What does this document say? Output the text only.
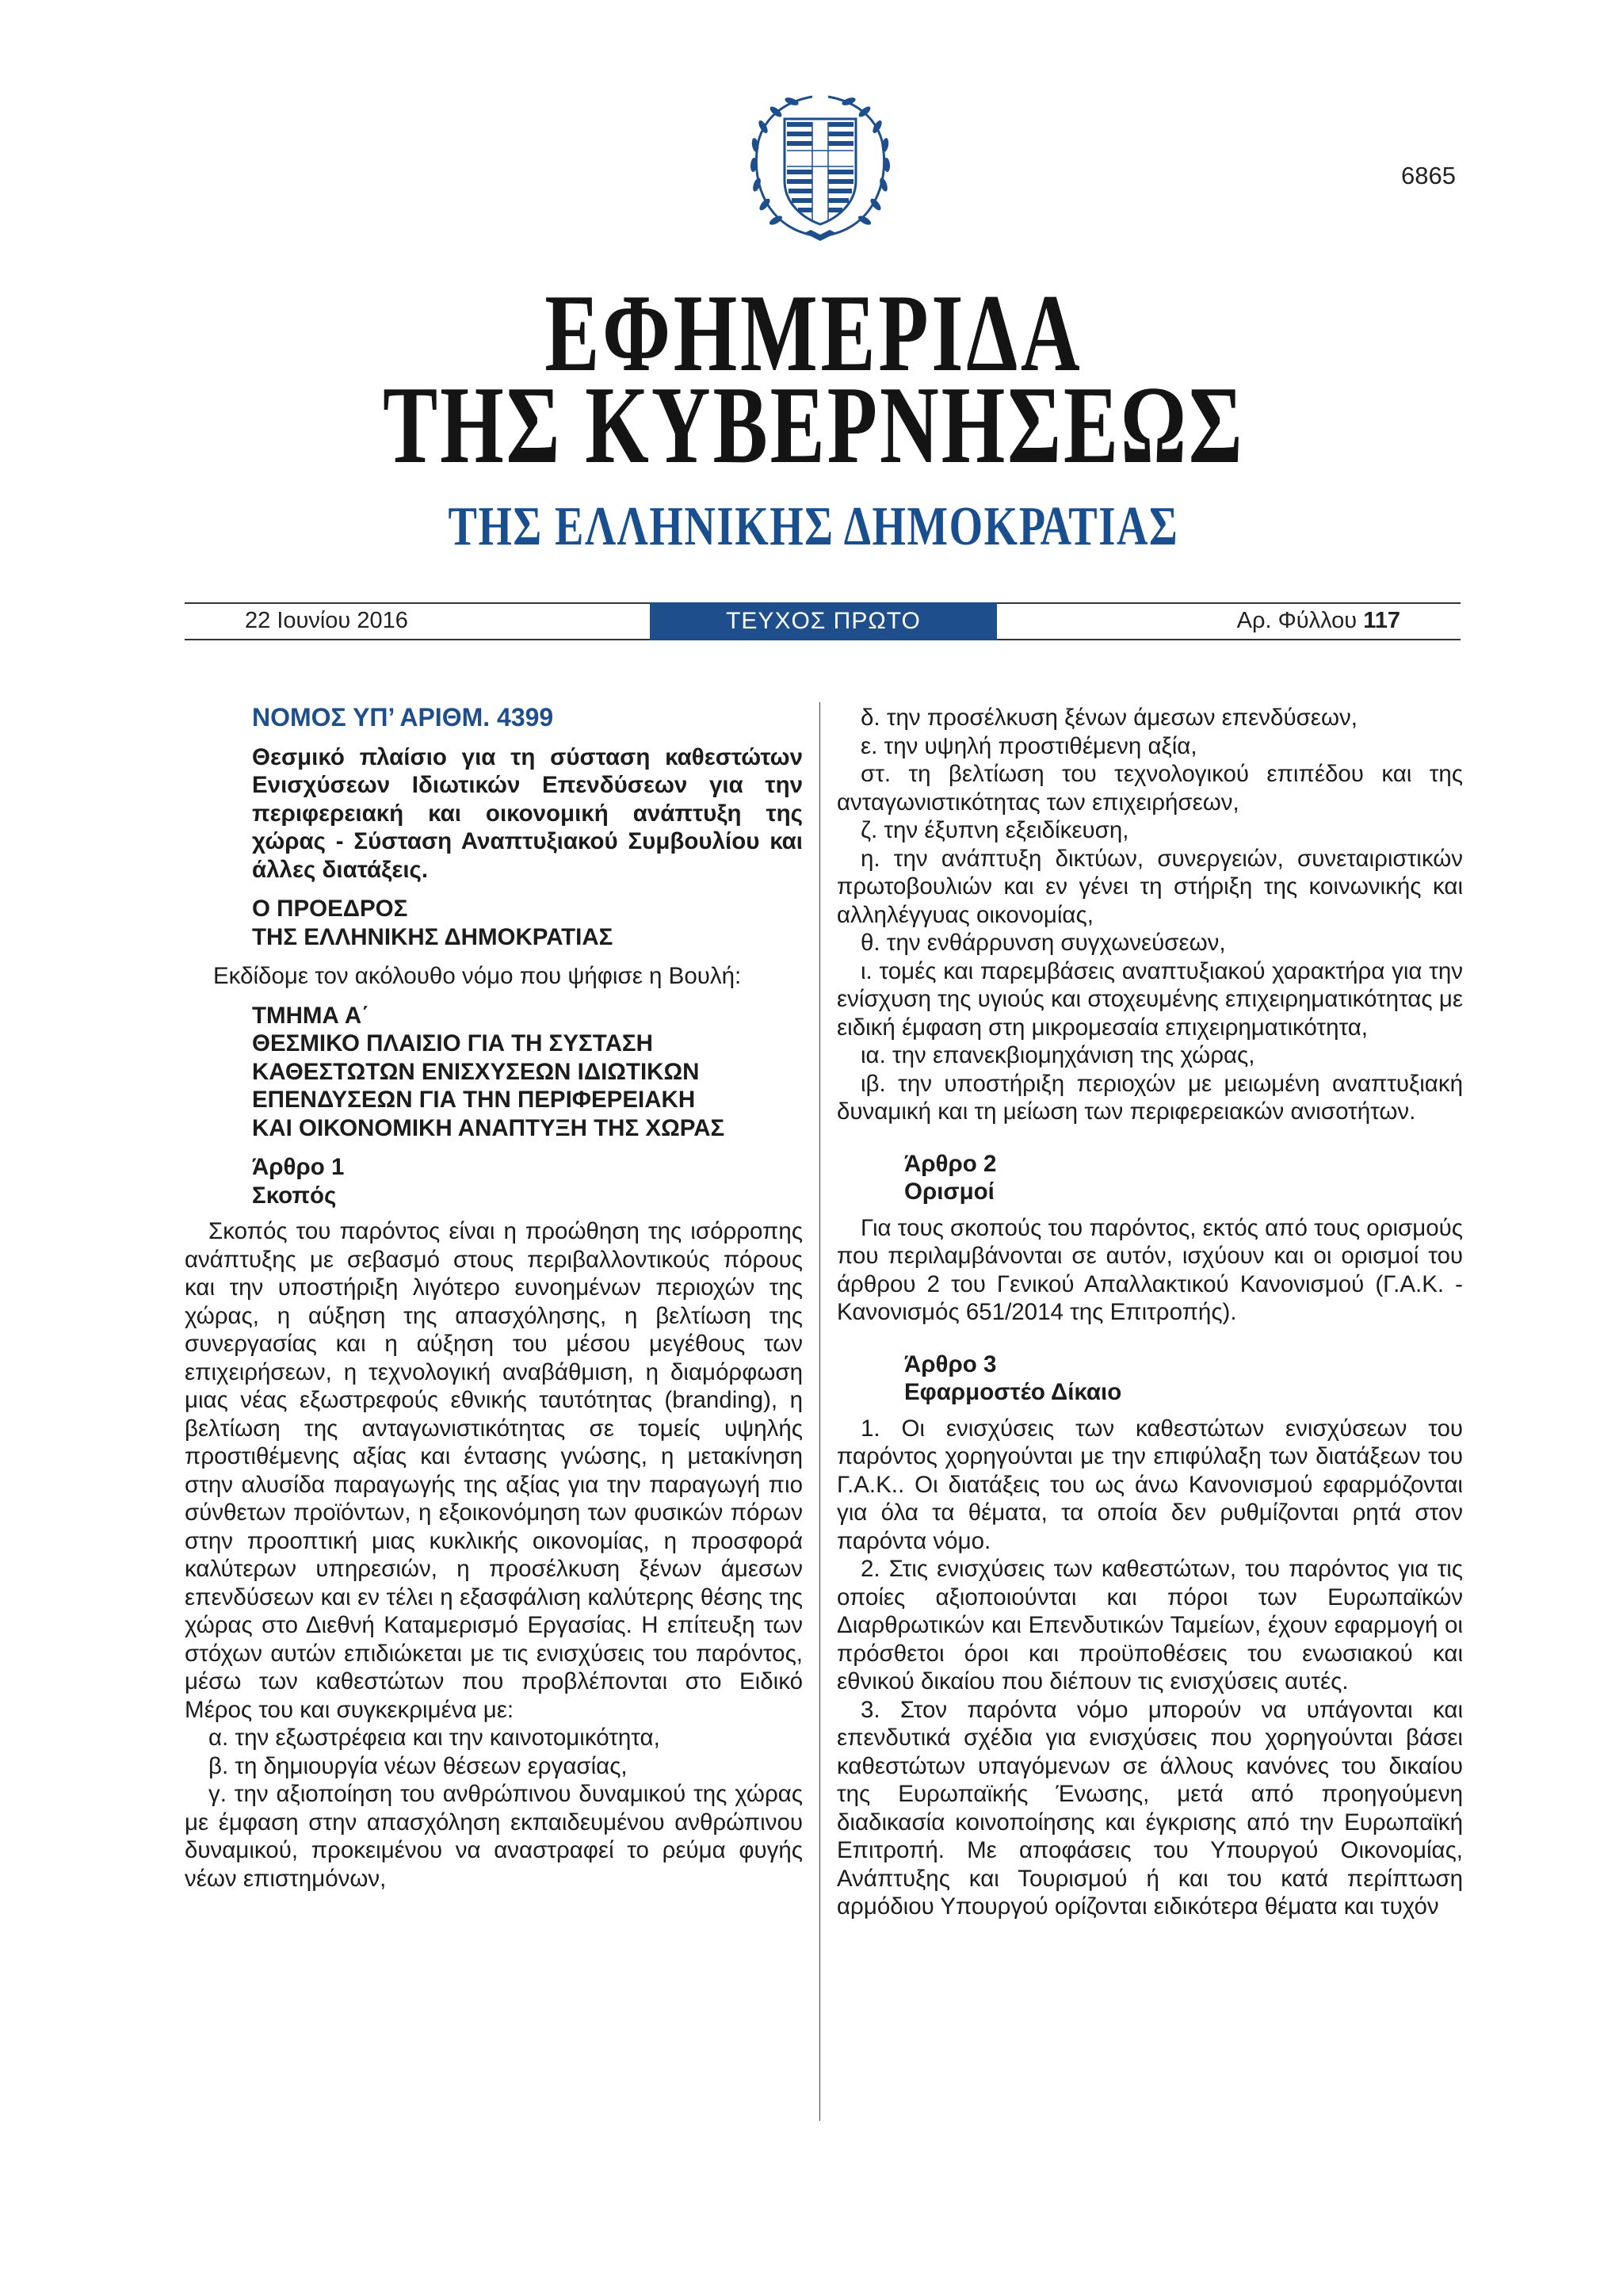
6865
ΕΦΗΜΕΡΙΔΑ
ΤΗΣ ΚΥΒΕΡΝΗΣΕΩΣ
ΤΗΣ ΕΛΛΗΝΙΚΗΣ ΔΗΜΟΚΡΑΤΙΑΣ
22 Ιουνίου 2016	ΤΕΥΧΟΣ ΠΡΩΤΟ	Αρ. Φύλλου 117

ΝΟΜΟΣ ΥΠ’ ΑΡΙΘΜ. 4399

Θεσμικό πλαίσιο για τη σύσταση καθεστώτων Ενισχύσεων Ιδιωτικών Επενδύσεων για την περιφερειακή και οικονομική ανάπτυξη της χώρας - Σύσταση Αναπτυξιακού Συμβουλίου και άλλες διατάξεις.

Ο ΠΡΟΕΔΡΟΣ
ΤΗΣ ΕΛΛΗΝΙΚΗΣ ΔΗΜΟΚΡΑΤΙΑΣ

Εκδίδομε τον ακόλουθο νόμο που ψήφισε η Βουλή:

ΤΜΗΜΑ Α΄
ΘΕΣΜΙΚΟ ΠΛΑΙΣΙΟ ΓΙΑ ΤΗ ΣΥΣΤΑΣΗ
ΚΑΘΕΣΤΩΤΩΝ ΕΝΙΣΧΥΣΕΩΝ ΙΔΙΩΤΙΚΩΝ
ΕΠΕΝΔΥΣΕΩΝ ΓΙΑ ΤΗΝ ΠΕΡΙΦΕΡΕΙΑΚΗ
ΚΑΙ ΟΙΚΟΝΟΜΙΚΗ ΑΝΑΠΤΥΞΗ ΤΗΣ ΧΩΡΑΣ
Άρθρο 1
Σκοπός

Σκοπός του παρόντος είναι η προώθηση της ισόρροπης ανάπτυξης με σεβασμό στους περιβαλλοντικούς πόρους και την υποστήριξη λιγότερο ευνοημένων περιοχών της χώρας, η αύξηση της απασχόλησης, η βελτίωση της συνεργασίας και η αύξηση του μέσου μεγέθους των επιχειρήσεων, η τεχνολογική αναβάθμιση, η διαμόρφωση μιας νέας εξωστρεφούς εθνικής ταυτότητας (branding), η βελτίωση της ανταγωνιστικότητας σε τομείς υψηλής προστιθέμενης αξίας και έντασης γνώσης, η μετακίνηση στην αλυσίδα παραγωγής της αξίας για την παραγωγή πιο σύνθετων προϊόντων, η εξοικονόμηση των φυσικών πόρων στην προοπτική μιας κυκλικής οικονομίας, η προσφορά καλύτερων υπηρεσιών, η προσέλκυση ξένων άμεσων επενδύσεων και εν τέλει η εξασφάλιση καλύτερης θέσης της χώρας στο Διεθνή Καταμερισμό Εργασίας. Η επίτευξη των στόχων αυτών επιδιώκεται με τις ενισχύσεις του παρόντος, μέσω των καθεστώτων που προβλέπονται στο Ειδικό Μέρος του και συγκεκριμένα με:

α. την εξωστρέφεια και την καινοτομικότητα,

β. τη δημιουργία νέων θέσεων εργασίας,

γ. την αξιοποίηση του ανθρώπινου δυναμικού της χώρας με έμφαση στην απασχόληση εκπαιδευμένου ανθρώπινου δυναμικού, προκειμένου να αναστραφεί το ρεύμα φυγής νέων επιστημόνων,

δ. την προσέλκυση ξένων άμεσων επενδύσεων,

ε. την υψηλή προστιθέμενη αξία,

στ. τη βελτίωση του τεχνολογικού επιπέδου και της ανταγωνιστικότητας των επιχειρήσεων,

ζ. την έξυπνη εξειδίκευση,

η. την ανάπτυξη δικτύων, συνεργειών, συνεταιριστικών πρωτοβουλιών και εν γένει τη στήριξη της κοινωνικής και αλληλέγγυας οικονομίας,

θ. την ενθάρρυνση συγχωνεύσεων,

ι. τομές και παρεμβάσεις αναπτυξιακού χαρακτήρα για την ενίσχυση της υγιούς και στοχευμένης επιχειρηματικότητας με ειδική έμφαση στη μικρομεσαία επιχειρηματικότητα,

ια. την επανεκβιομηχάνιση της χώρας,

ιβ. την υποστήριξη περιοχών με μειωμένη αναπτυξιακή δυναμική και τη μείωση των περιφερειακών ανισοτήτων.

Άρθρο 2
Ορισμοί

Για τους σκοπούς του παρόντος, εκτός από τους ορισμούς που περιλαμβάνονται σε αυτόν, ισχύουν και οι ορισμοί του άρθρου 2 του Γενικού Απαλλακτικού Κανονισμού (Γ.Α.Κ. - Κανονισμός 651/2014 της Επιτροπής).

Άρθρο 3
Εφαρμοστέο Δίκαιο

1. Οι ενισχύσεις των καθεστώτων ενισχύσεων του παρόντος χορηγούνται με την επιφύλαξη των διατάξεων του Γ.Α.Κ.. Οι διατάξεις του ως άνω Κανονισμού εφαρμόζονται για όλα τα θέματα, τα οποία δεν ρυθμίζονται ρητά στον παρόντα νόμο.

2. Στις ενισχύσεις των καθεστώτων, του παρόντος για τις οποίες αξιοποιούνται και πόροι των Ευρωπαϊκών Διαρθρωτικών και Επενδυτικών Ταμείων, έχουν εφαρμογή οι πρόσθετοι όροι και προϋποθέσεις του ενωσιακού και εθνικού δικαίου που διέπουν τις ενισχύσεις αυτές.

3. Στον παρόντα νόμο μπορούν να υπάγονται και επενδυτικά σχέδια για ενισχύσεις που χορηγούνται βάσει καθεστώτων υπαγόμενων σε άλλους κανόνες του δικαίου της Ευρωπαϊκής Ένωσης, μετά από προηγούμενη διαδικασία κοινοποίησης και έγκρισης από την Ευρωπαϊκή Επιτροπή. Με αποφάσεις του Υπουργού Οικονομίας, Ανάπτυξης και Τουρισμού ή και του κατά περίπτωση αρμόδιου Υπουργού ορίζονται ειδικότερα θέματα και τυχόν
